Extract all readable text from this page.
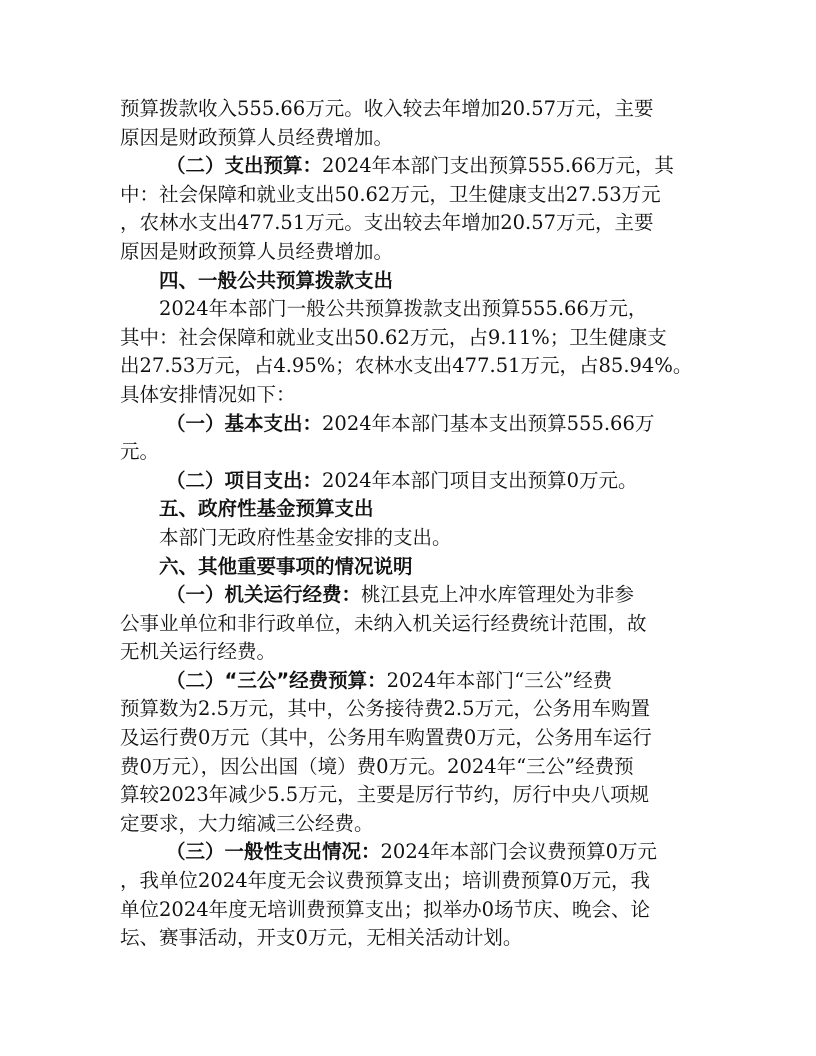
预算拨款收入555.66万元。收入较去年增加20.57万元，主要
原因是财政预算人员经费增加。
（二）支出预算：2024年本部门支出预算555.66万元，其
中：社会保障和就业支出50.62万元，卫生健康支出27.53万元
，农林水支出477.51万元。支出较去年增加20.57万元，主要
原因是财政预算人员经费增加。
四、一般公共预算拨款支出
2024年本部门一般公共预算拨款支出预算555.66万元，
其中：社会保障和就业支出50.62万元，占9.11%；卫生健康支
出27.53万元，占4.95%；农林水支出477.51万元，占85.94%。
具体安排情况如下：
（一）基本支出：2024年本部门基本支出预算555.66万
元。
（二）项目支出：2024年本部门项目支出预算0万元。
五、政府性基金预算支出
本部门无政府性基金安排的支出。
六、其他重要事项的情况说明
（一）机关运行经费：桃江县克上冲水库管理处为非参
公事业单位和非行政单位，未纳入机关运行经费统计范围，故
无机关运行经费。
（二）“三公”经费预算：2024年本部门“三公”经费
预算数为2.5万元，其中，公务接待费2.5万元，公务用车购置
及运行费0万元（其中，公务用车购置费0万元，公务用车运行
费0万元），因公出国（境）费0万元。2024年“三公”经费预
算较2023年减少5.5万元，主要是厉行节约，厉行中央八项规
定要求，大力缩减三公经费。
（三）一般性支出情况：2024年本部门会议费预算0万元
，我单位2024年度无会议费预算支出；培训费预算0万元，我
单位2024年度无培训费预算支出；拟举办0场节庆、晚会、论
坛、赛事活动，开支0万元，无相关活动计划。
